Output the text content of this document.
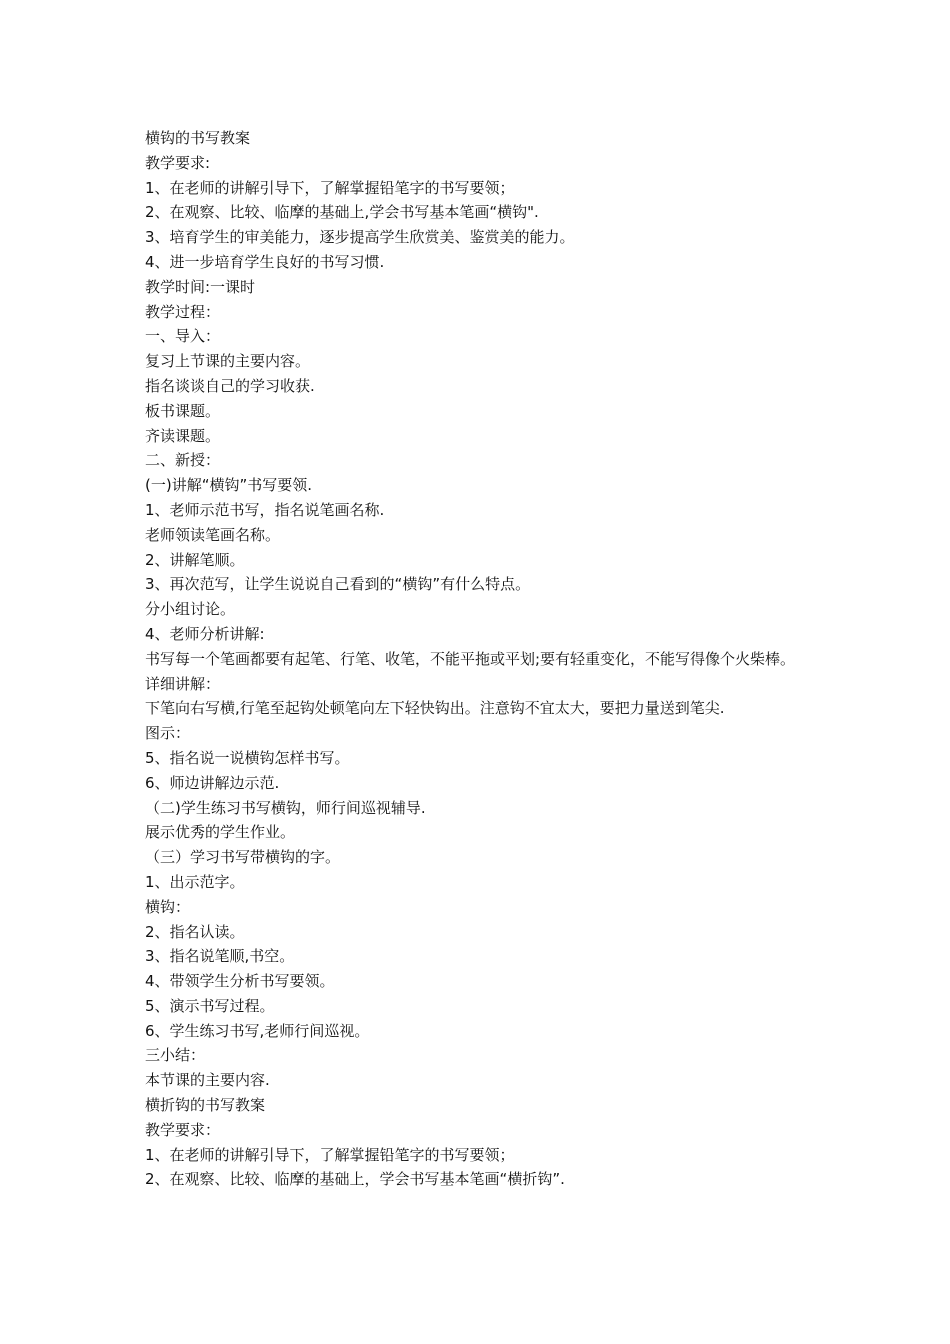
横钩的书写教案

教学要求:

1、在老师的讲解引导下，了解掌握铅笔字的书写要领；

2、在观察、比较、临摩的基础上,学会书写基本笔画“横钩".

3、培育学生的审美能力，逐步提高学生欣赏美、鉴赏美的能力。

4、进一步培育学生良好的书写习惯.

教学时间:一课时

教学过程：

一、导入：

复习上节课的主要内容。

指名谈谈自己的学习收获.

板书课题。

齐读课题。

二、新授：

(一)讲解“横钩”书写要领.

1、老师示范书写，指名说笔画名称.

老师领读笔画名称。

2、讲解笔顺。

3、再次范写，让学生说说自己看到的“横钩”有什么特点。

分小组讨论。

4、老师分析讲解:

书写每一个笔画都要有起笔、行笔、收笔，不能平拖或平划;要有轻重变化，不能写得像个火柴棒。

详细讲解：

下笔向右写横,行笔至起钩处顿笔向左下轻快钩出。注意钩不宜太大，要把力量送到笔尖.

图示：

5、指名说一说横钩怎样书写。

6、师边讲解边示范.

（二)学生练习书写横钩，师行间巡视辅导.

展示优秀的学生作业。

（三）学习书写带横钩的字。

1、出示范字。

横钩：

2、指名认读。

3、指名说笔顺,书空。

4、带领学生分析书写要领。

5、演示书写过程。

6、学生练习书写,老师行间巡视。

三小结：

本节课的主要内容.

横折钩的书写教案

教学要求：

1、在老师的讲解引导下，了解掌握铅笔字的书写要领；

2、在观察、比较、临摩的基础上，学会书写基本笔画“横折钩”.
